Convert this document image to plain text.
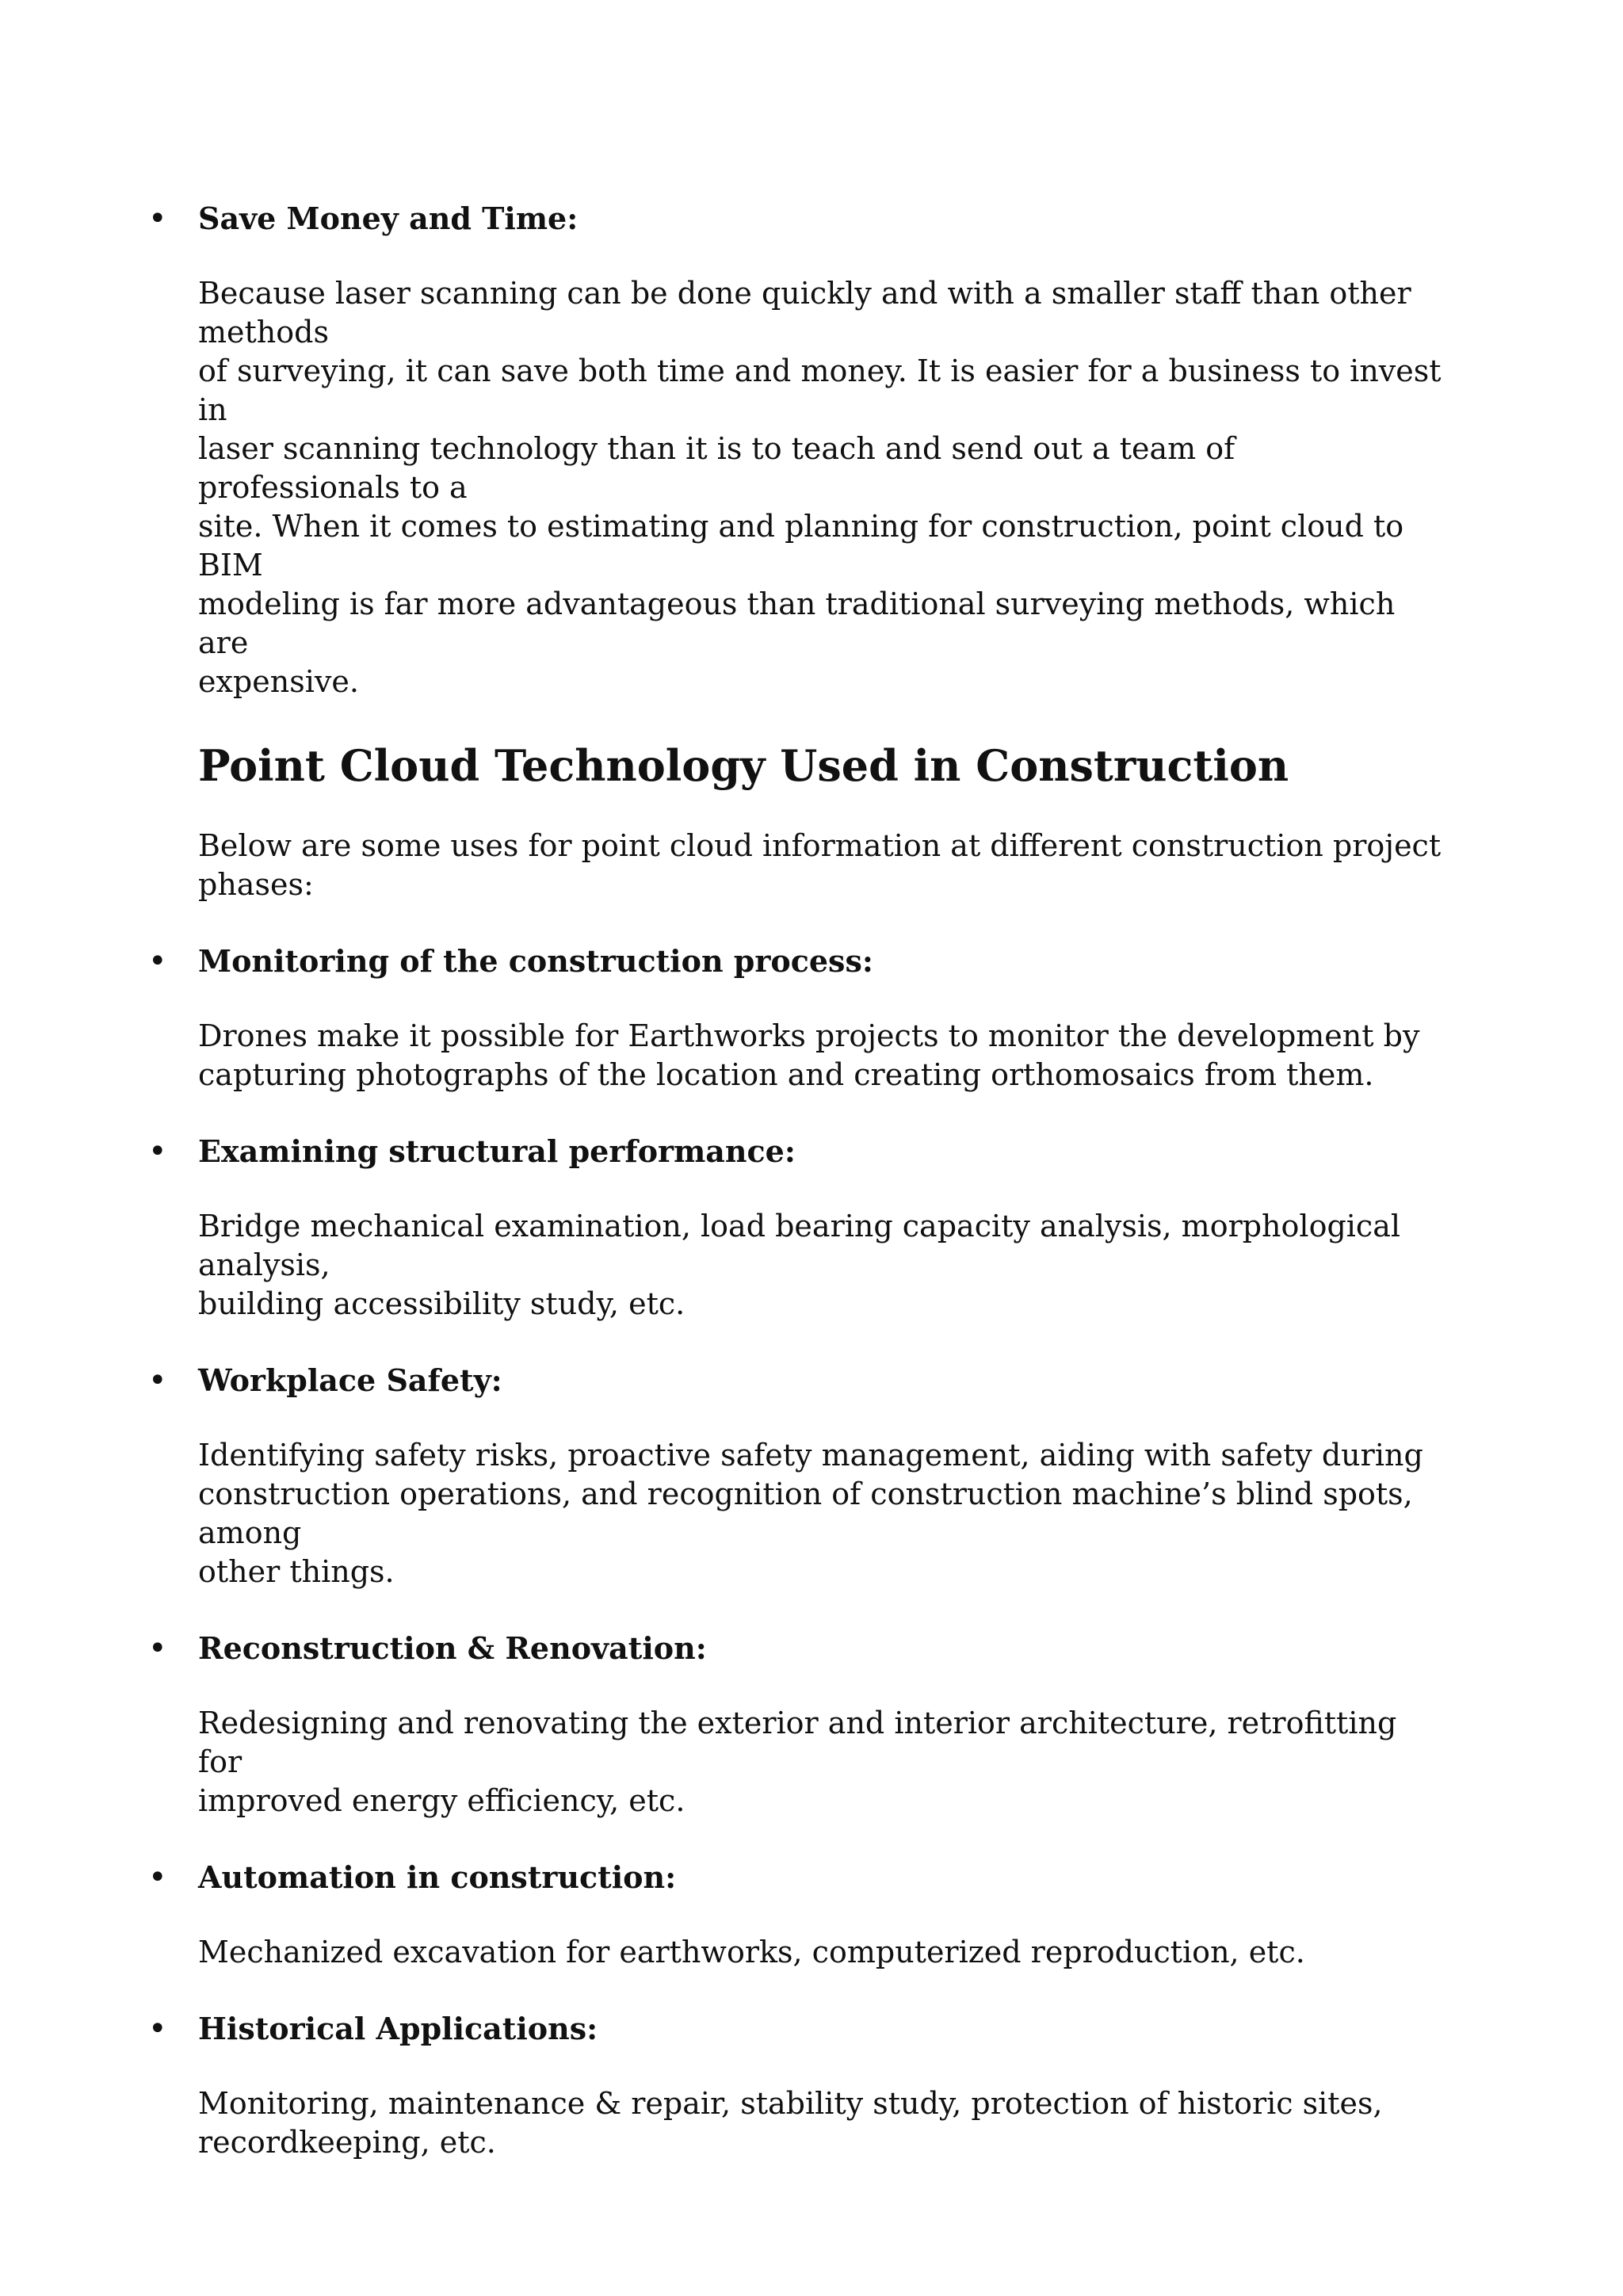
• Save Money and Time:

Because laser scanning can be done quickly and with a smaller staff than other methods
of surveying, it can save both time and money. It is easier for a business to invest in
laser scanning technology than it is to teach and send out a team of professionals to a
site. When it comes to estimating and planning for construction, point cloud to BIM
modeling is far more advantageous than traditional surveying methods, which are
expensive.
Point Cloud Technology Used in Construction
Below are some uses for point cloud information at different construction project
phases:
• Monitoring of the construction process:

Drones make it possible for Earthworks projects to monitor the development by
capturing photographs of the location and creating orthomosaics from them.
• Examining structural performance:

Bridge mechanical examination, load bearing capacity analysis, morphological analysis,
building accessibility study, etc.
• Workplace Safety:

Identifying safety risks, proactive safety management, aiding with safety during
construction operations, and recognition of construction machine’s blind spots, among
other things.
• Reconstruction & Renovation:

Redesigning and renovating the exterior and interior architecture, retrofitting for
improved energy efficiency, etc.
• Automation in construction:

Mechanized excavation for earthworks, computerized reproduction, etc.
• Historical Applications:

Monitoring, maintenance & repair, stability study, protection of historic sites,
recordkeeping, etc.
